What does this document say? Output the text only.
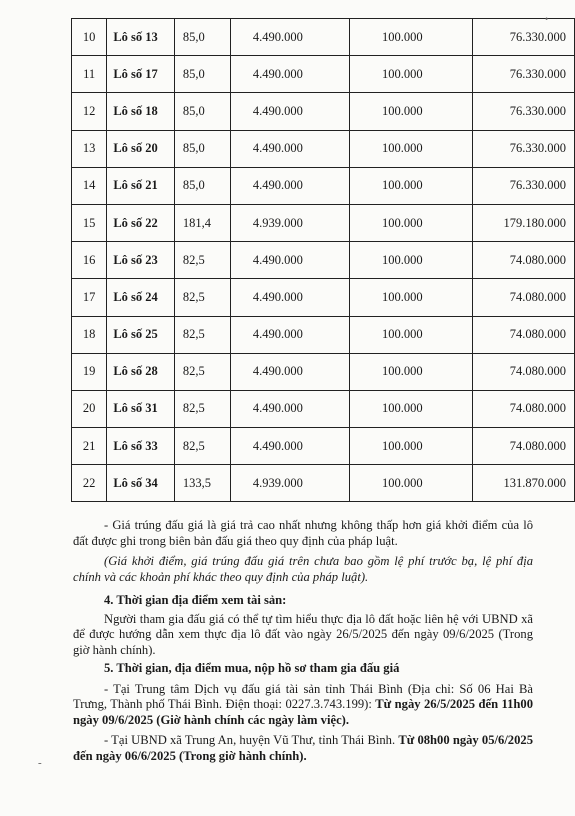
10	Lô số 13	85,0	4.490.000	100.000	76.330.000
11	Lô số 17	85,0	4.490.000	100.000	76.330.000
12	Lô số 18	85,0	4.490.000	100.000	76.330.000
13	Lô số 20	85,0	4.490.000	100.000	76.330.000
14	Lô số 21	85,0	4.490.000	100.000	76.330.000
15	Lô số 22	181,4	4.939.000	100.000	179.180.000
16	Lô số 23	82,5	4.490.000	100.000	74.080.000
17	Lô số 24	82,5	4.490.000	100.000	74.080.000
18	Lô số 25	82,5	4.490.000	100.000	74.080.000
19	Lô số 28	82,5	4.490.000	100.000	74.080.000
20	Lô số 31	82,5	4.490.000	100.000	74.080.000
21	Lô số 33	82,5	4.490.000	100.000	74.080.000
22	Lô số 34	133,5	4.939.000	100.000	131.870.000

- Giá trúng đấu giá là giá trả cao nhất nhưng không thấp hơn giá khởi điểm của lô đất được ghi trong biên bản đấu giá theo quy định của pháp luật.

(Giá khởi điểm, giá trúng đấu giá trên chưa bao gồm lệ phí trước bạ, lệ phí địa chính và các khoản phí khác theo quy định của pháp luật).

4. Thời gian địa điểm xem tài sản:

Người tham gia đấu giá có thể tự tìm hiểu thực địa lô đất hoặc liên hệ với UBND xã để được hướng dẫn xem thực địa lô đất vào ngày 26/5/2025 đến ngày 09/6/2025 (Trong giờ hành chính).

5. Thời gian, địa điểm mua, nộp hồ sơ tham gia đấu giá

- Tại Trung tâm Dịch vụ đấu giá tài sản tỉnh Thái Bình (Địa chỉ: Số 06 Hai Bà Trưng, Thành phố Thái Bình. Điện thoại: 0227.3.743.199): Từ ngày 26/5/2025 đến 11h00 ngày 09/6/2025 (Giờ hành chính các ngày làm việc).

- Tại UBND xã Trung An, huyện Vũ Thư, tỉnh Thái Bình. Từ 08h00 ngày 05/6/2025 đến ngày 06/6/2025 (Trong giờ hành chính).

•
-
